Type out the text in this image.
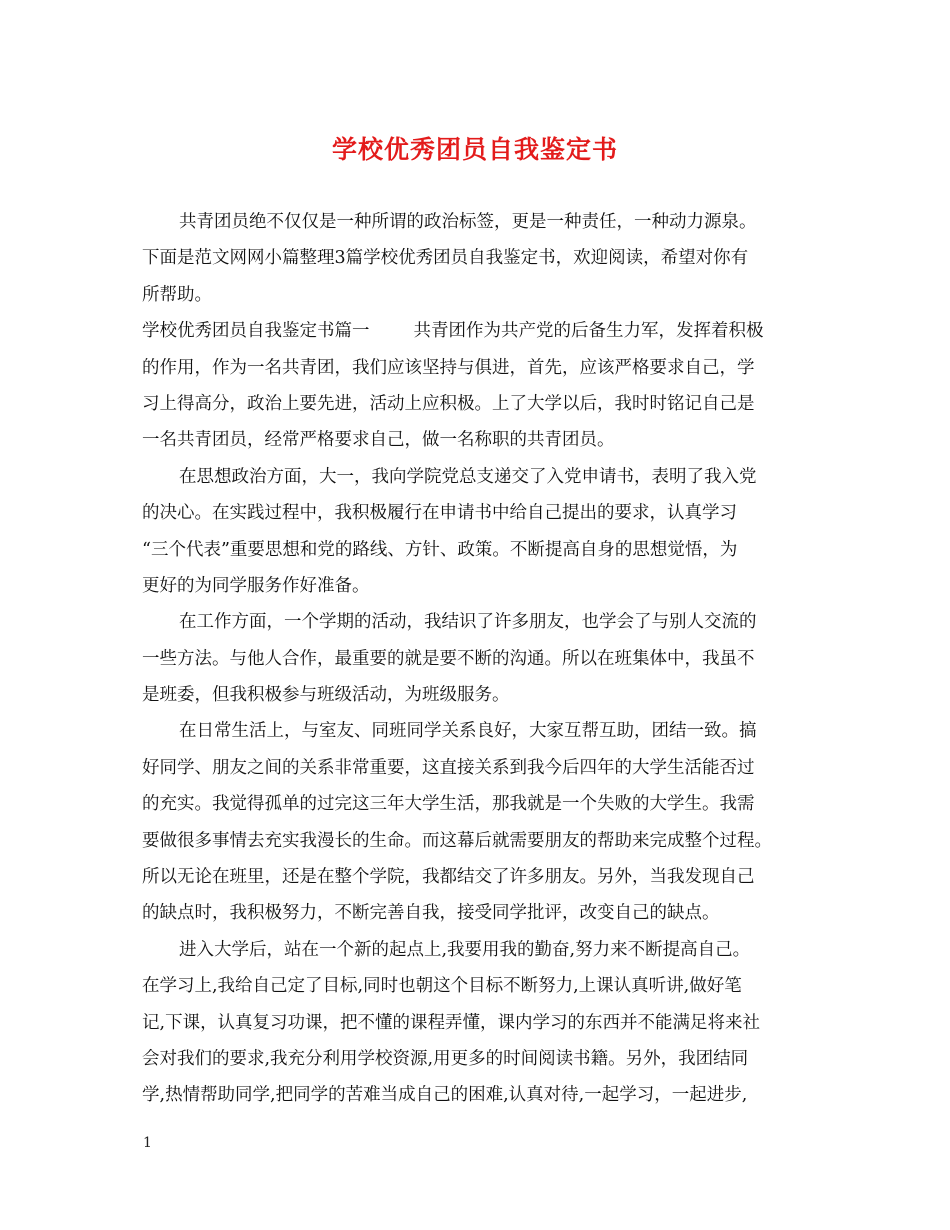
学校优秀团员自我鉴定书
共青团员绝不仅仅是一种所谓的政治标签，更是一种责任，一种动力源泉。
下面是范文网网小篇整理3篇学校优秀团员自我鉴定书，欢迎阅读，希望对你有
所帮助。
学校优秀团员自我鉴定书篇一	共青团作为共产党的后备生力军，发挥着积极
的作用，作为一名共青团，我们应该坚持与俱进，首先，应该严格要求自己，学
习上得高分，政治上要先进，活动上应积极。上了大学以后，我时时铭记自己是
一名共青团员，经常严格要求自己，做一名称职的共青团员。
在思想政治方面，大一，我向学院党总支递交了入党申请书，表明了我入党
的决心。在实践过程中，我积极履行在申请书中给自己提出的要求，认真学习
“三个代表”重要思想和党的路线、方针、政策。不断提高自身的思想觉悟，为
更好的为同学服务作好准备。
在工作方面，一个学期的活动，我结识了许多朋友，也学会了与别人交流的
一些方法。与他人合作，最重要的就是要不断的沟通。所以在班集体中，我虽不
是班委，但我积极参与班级活动，为班级服务。
在日常生活上，与室友、同班同学关系良好，大家互帮互助，团结一致。搞
好同学、朋友之间的关系非常重要，这直接关系到我今后四年的大学生活能否过
的充实。我觉得孤单的过完这三年大学生活，那我就是一个失败的大学生。我需
要做很多事情去充实我漫长的生命。而这幕后就需要朋友的帮助来完成整个过程。
所以无论在班里，还是在整个学院，我都结交了许多朋友。另外，当我发现自己
的缺点时，我积极努力，不断完善自我，接受同学批评，改变自己的缺点。
进入大学后，站在一个新的起点上,我要用我的勤奋,努力来不断提高自己。
在学习上,我给自己定了目标,同时也朝这个目标不断努力,上课认真听讲,做好笔
记,下课，认真复习功课，把不懂的课程弄懂，课内学习的东西并不能满足将来社
会对我们的要求,我充分利用学校资源,用更多的时间阅读书籍。另外，我团结同
学,热情帮助同学,把同学的苦难当成自己的困难,认真对待,一起学习，一起进步,
1
